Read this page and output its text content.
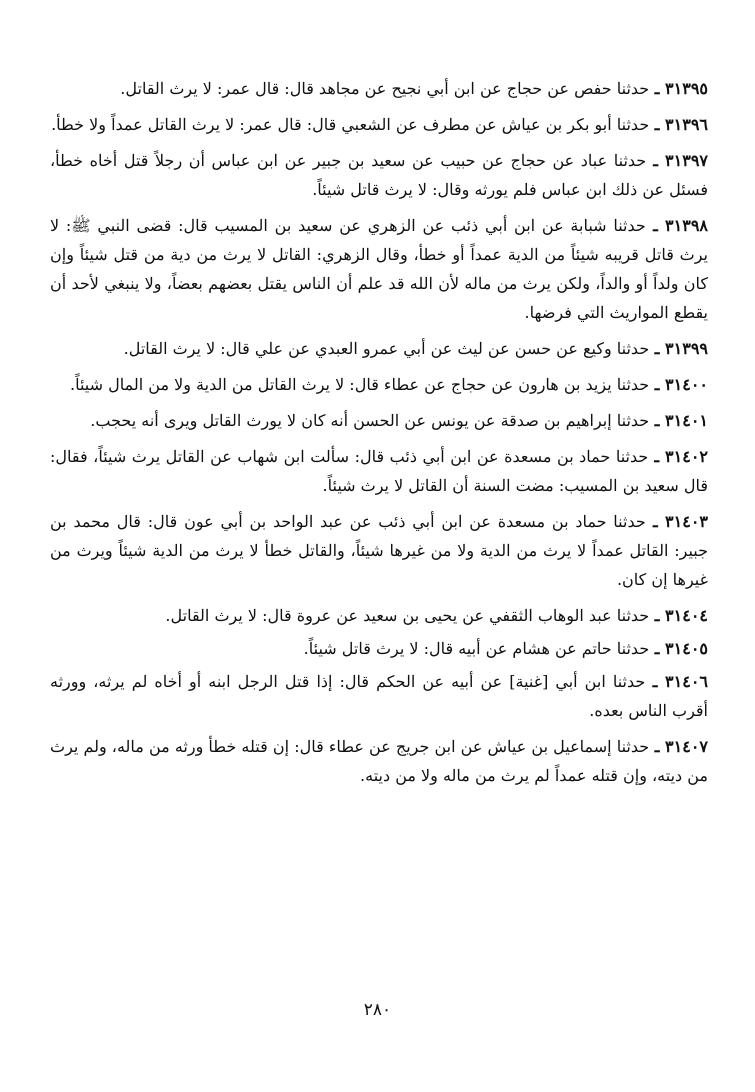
٣١٣٩٥ ـ حدثنا حفص عن حجاج عن ابن أبي نجيح عن مجاهد قال: قال عمر: لا يرث القاتل.

٣١٣٩٦ ـ حدثنا أبو بكر بن عياش عن مطرف عن الشعبي قال: قال عمر: لا يرث القاتل عمداً ولا خطأ.

٣١٣٩٧ ـ حدثنا عباد عن حجاج عن حبيب عن سعيد بن جبير عن ابن عباس أن رجلاً قتل أخاه خطأ، فسئل عن ذلك ابن عباس فلم يورثه وقال: لا يرث قاتل شيئاً.

٣١٣٩٨ ـ حدثنا شبابة عن ابن أبي ذئب عن الزهري عن سعيد بن المسيب قال: قضى النبي ﷺ: لا يرث قاتل قريبه شيئاً من الدية عمداً أو خطأ، وقال الزهري: القاتل لا يرث من دية من قتل شيئاً وإن كان ولداً أو والداً، ولكن يرث من ماله لأن الله قد علم أن الناس يقتل بعضهم بعضاً، ولا ينبغي لأحد أن يقطع المواريث التي فرضها.

٣١٣٩٩ ـ حدثنا وكيع عن حسن عن ليث عن أبي عمرو العبدي عن علي قال: لا يرث القاتل.

٣١٤٠٠ ـ حدثنا يزيد بن هارون عن حجاج عن عطاء قال: لا يرث القاتل من الدية ولا من المال شيئاً.

٣١٤٠١ ـ حدثنا إبراهيم بن صدقة عن يونس عن الحسن أنه كان لا يورث القاتل ويرى أنه يحجب.

٣١٤٠٢ ـ حدثنا حماد بن مسعدة عن ابن أبي ذئب قال: سألت ابن شهاب عن القاتل يرث شيئاً، فقال: قال سعيد بن المسيب: مضت السنة أن القاتل لا يرث شيئاً.

٣١٤٠٣ ـ حدثنا حماد بن مسعدة عن ابن أبي ذئب عن عبد الواحد بن أبي عون قال: قال محمد بن جبير: القاتل عمداً لا يرث من الدية ولا من غيرها شيئاً، والقاتل خطأ لا يرث من الدية شيئاً ويرث من غيرها إن كان.

٣١٤٠٤ ـ حدثنا عبد الوهاب الثقفي عن يحيى بن سعيد عن عروة قال: لا يرث القاتل.

٣١٤٠٥ ـ حدثنا حاتم عن هشام عن أبيه قال: لا يرث قاتل شيئاً.

٣١٤٠٦ ـ حدثنا ابن أبي [غنية] عن أبيه عن الحكم قال: إذا قتل الرجل ابنه أو أخاه لم يرثه، وورثه أقرب الناس بعده.

٣١٤٠٧ ـ حدثنا إسماعيل بن عياش عن ابن جريج عن عطاء قال: إن قتله خطأ ورثه من ماله، ولم يرث من ديته، وإن قتله عمداً لم يرث من ماله ولا من ديته.

٢٨٠
